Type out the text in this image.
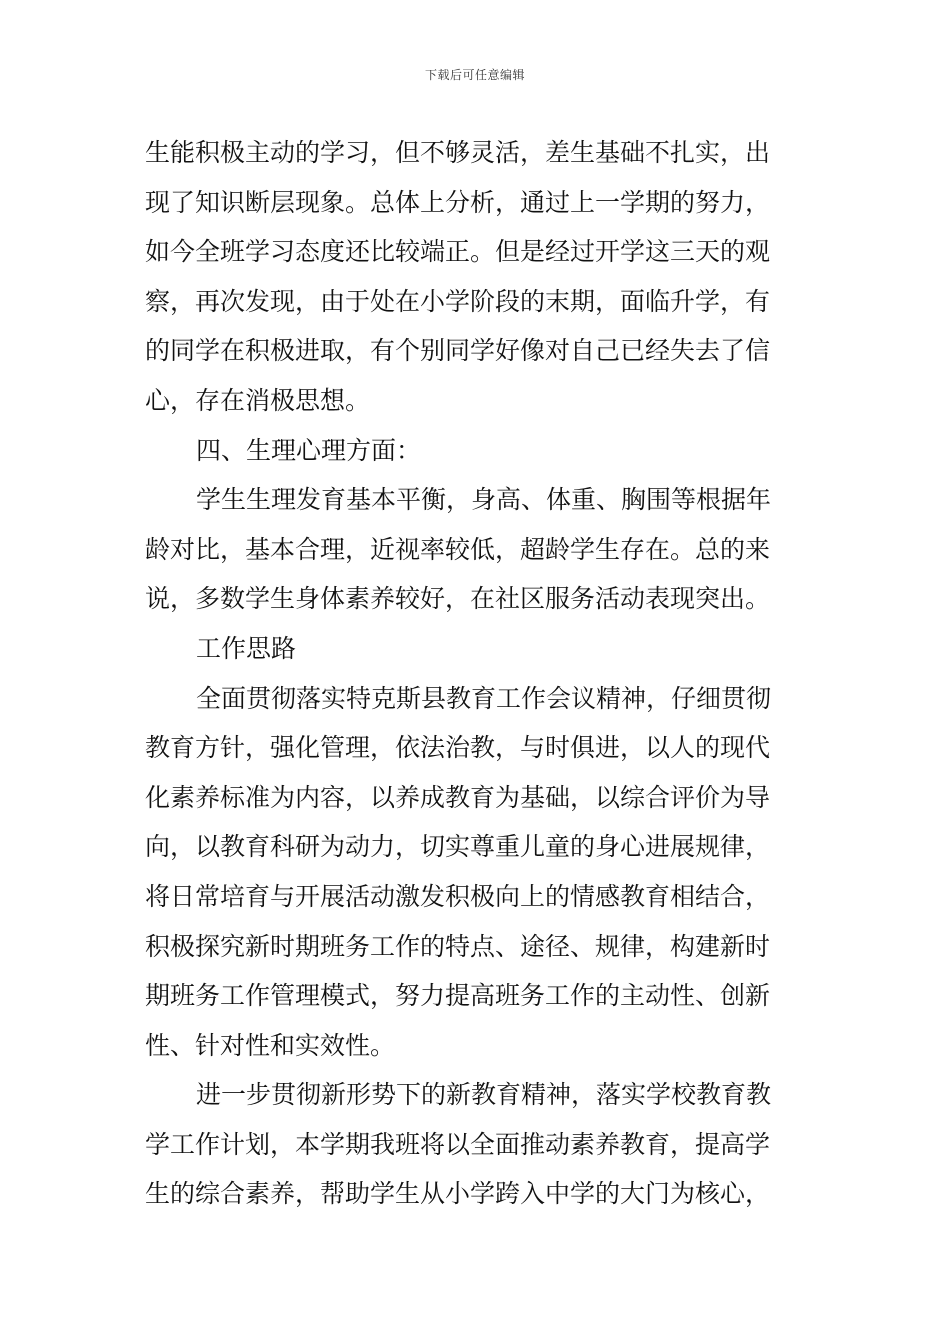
下载后可任意编辑
生能积极主动的学习，但不够灵活，差生基础不扎实，出
现了知识断层现象。总体上分析，通过上一学期的努力，
如今全班学习态度还比较端正。但是经过开学这三天的观
察，再次发现，由于处在小学阶段的末期，面临升学，有
的同学在积极进取，有个别同学好像对自己已经失去了信
心，存在消极思想。
四、生理心理方面：
学生生理发育基本平衡，身高、体重、胸围等根据年
龄对比，基本合理，近视率较低，超龄学生存在。总的来
说，多数学生身体素养较好，在社区服务活动表现突出。
工作思路
全面贯彻落实特克斯县教育工作会议精神，仔细贯彻
教育方针，强化管理，依法治教，与时俱进，以人的现代
化素养标准为内容，以养成教育为基础，以综合评价为导
向，以教育科研为动力，切实尊重儿童的身心进展规律，
将日常培育与开展活动激发积极向上的情感教育相结合，
积极探究新时期班务工作的特点、途径、规律，构建新时
期班务工作管理模式，努力提高班务工作的主动性、创新
性、针对性和实效性。
进一步贯彻新形势下的新教育精神，落实学校教育教
学工作计划，本学期我班将以全面推动素养教育，提高学
生的综合素养，帮助学生从小学跨入中学的大门为核心，
